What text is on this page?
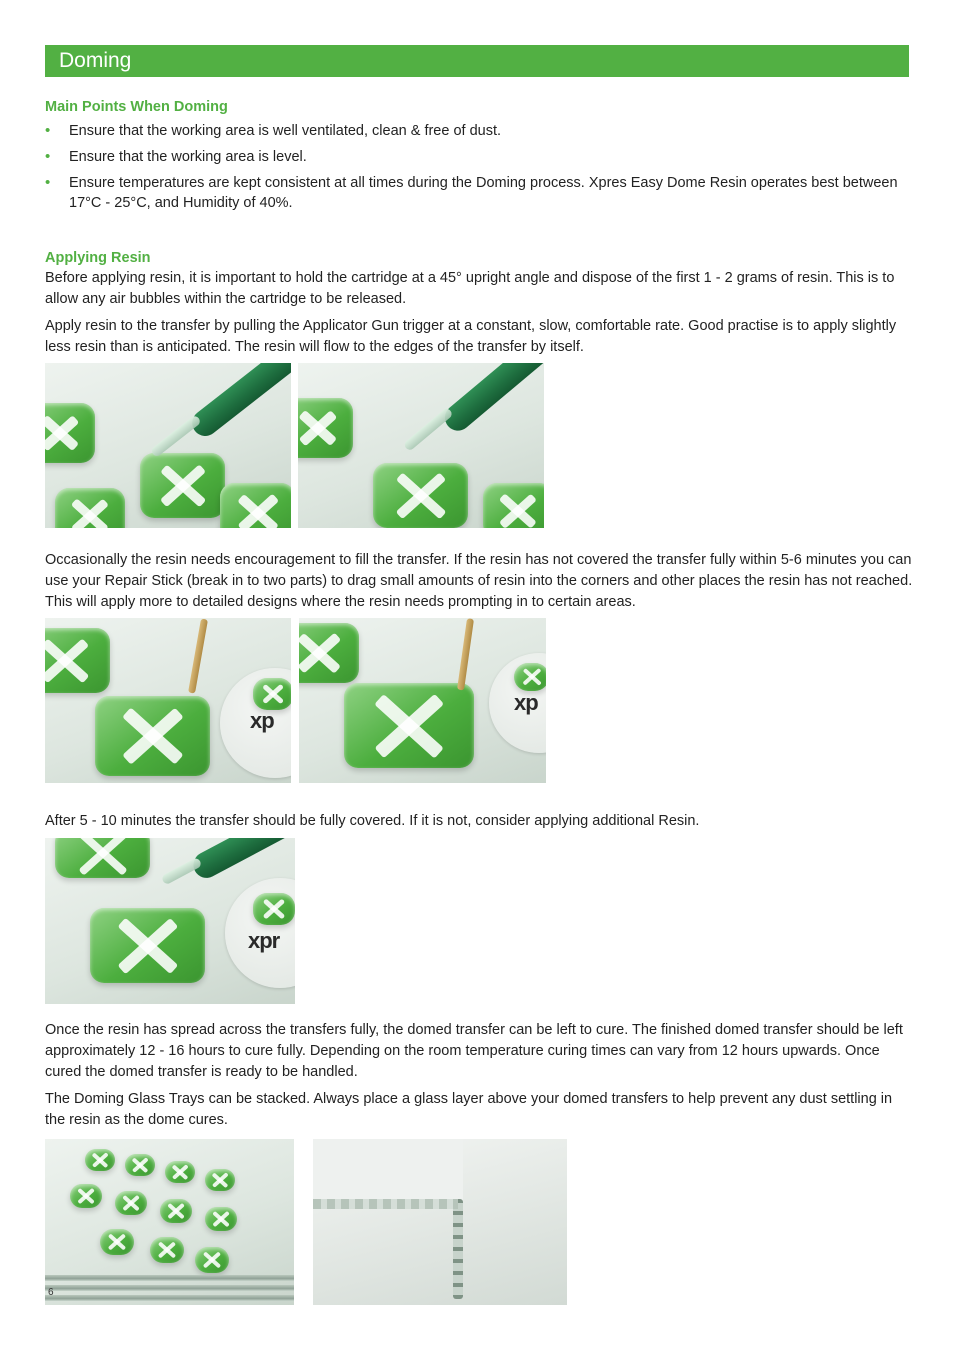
Doming
Main Points When Doming
• Ensure that the working area is well ventilated, clean & free of dust.
• Ensure that the working area is level.
• Ensure temperatures are kept consistent at all times during the Doming process. Xpres Easy Dome Resin operates best between 17°C - 25°C, and Humidity of 40%.
Applying Resin

Before applying resin, it is important to hold the cartridge at a 45° upright angle and dispose of the first 1 - 2 grams of resin. This is to allow any air bubbles within the cartridge to be released.

Apply resin to the transfer by pulling the Applicator Gun trigger at a constant, slow, comfortable rate. Good practise is to apply slightly less resin than is anticipated. The resin will flow to the edges of the transfer by itself.

Occasionally the resin needs encouragement to fill the transfer. If the resin has not covered the transfer fully within 5-6 minutes you can use your Repair Stick (break in to two parts) to drag small amounts of resin into the corners and other places the resin has not reached. This will apply more to detailed designs where the resin needs prompting in to certain areas.

xp
xp

After 5 - 10 minutes the transfer should be fully covered. If it is not, consider applying additional Resin.

xpr

Once the resin has spread across the transfers fully, the domed transfer can be left to cure. The finished domed transfer should be left approximately 12 - 16 hours to cure fully. Depending on the room temperature curing times can vary from 12 hours upwards. Once cured the domed transfer is ready to be handled.

The Doming Glass Trays can be stacked. Always place a glass layer above your domed transfers to help prevent any dust settling in the resin as the dome cures.

6
